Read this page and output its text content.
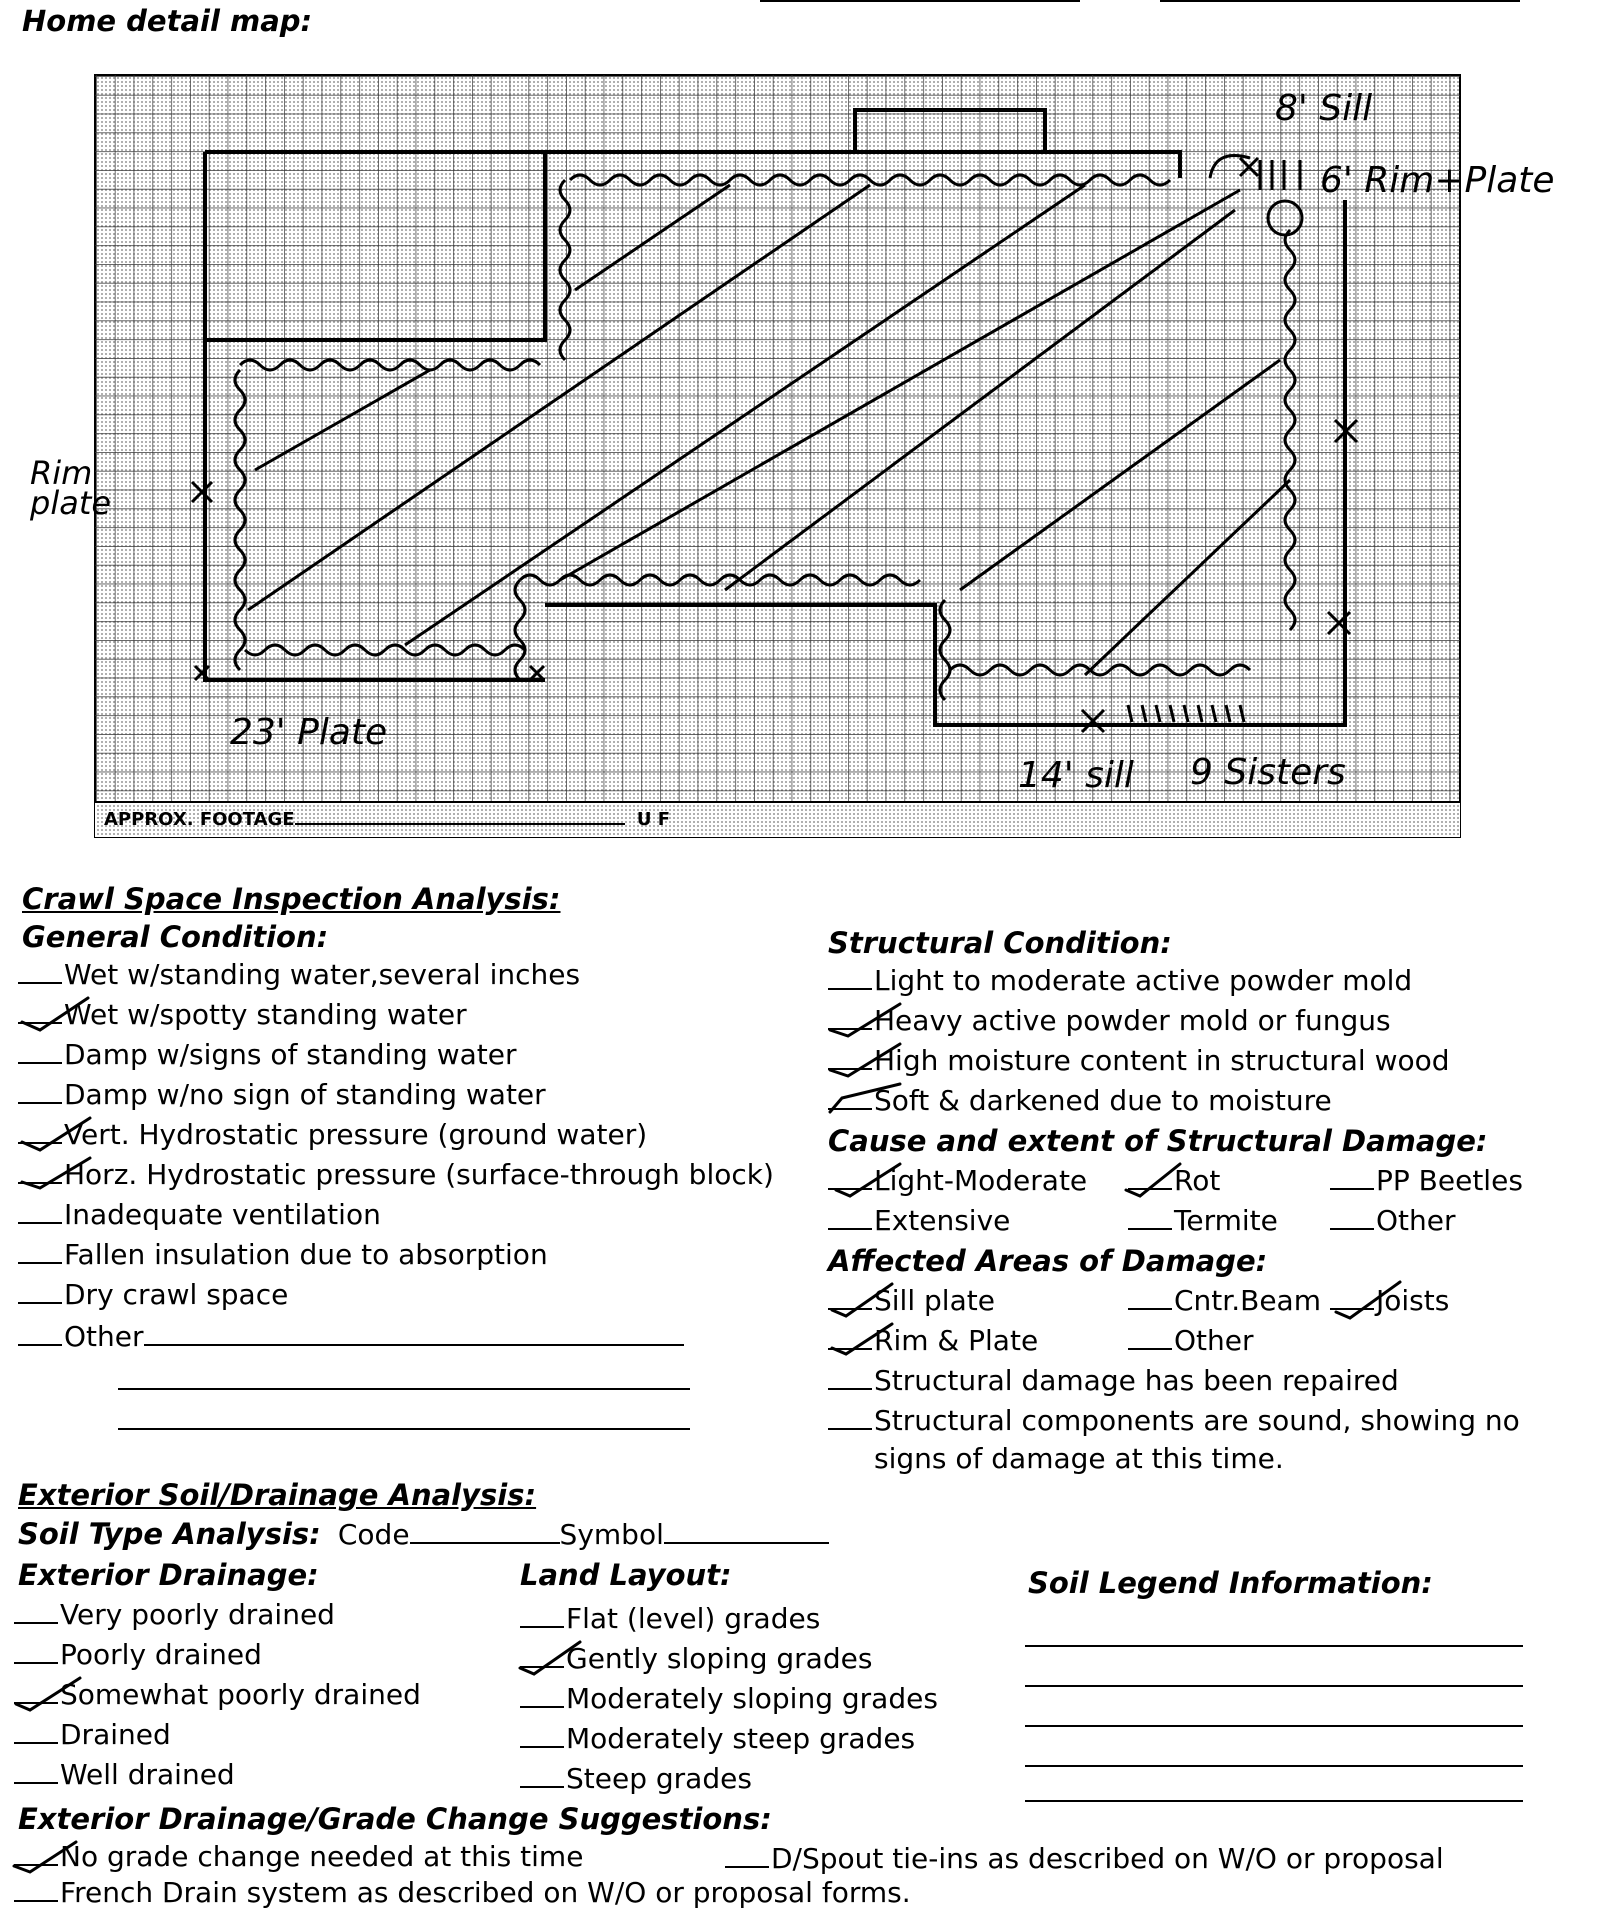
Home detail map:
8' Sill
6' Rim+Plate
Rim plate
23' Plate
14' sill 9 Sisters
APPROX. FOOTAGE	U F
Crawl Space Inspection Analysis:
General Condition:
Wet w/standing water,several inches
Wet w/spotty standing water
Damp w/signs of standing water
Damp w/no sign of standing water
Vert. Hydrostatic pressure (ground water)
Horz. Hydrostatic pressure (surface-through block)
Inadequate ventilation
Fallen insulation due to absorption
Dry crawl space
Other
Structural Condition:
Light to moderate active powder mold
Heavy active powder mold or fungus
High moisture content in structural wood
Soft & darkened due to moisture
Cause and extent of Structural Damage:
Light-Moderate	Rot	PP Beetles
Extensive	Termite	Other
Affected Areas of Damage:
Sill plate	Cntr.Beam	Joists
Rim & Plate	Other
Structural damage has been repaired
Structural components are sound, showing no
signs of damage at this time.
Exterior Soil/Drainage Analysis:
Soil Type Analysis: Code	Symbol
Exterior Drainage:
Very poorly drained
Poorly drained
Somewhat poorly drained
Drained
Well drained
Land Layout:
Flat (level) grades
Gently sloping grades
Moderately sloping grades
Moderately steep grades
Steep grades
Soil Legend Information:
Exterior Drainage/Grade Change Suggestions:
No grade change needed at this time	D/Spout tie-ins as described on W/O or proposal
French Drain system as described on W/O or proposal forms.
